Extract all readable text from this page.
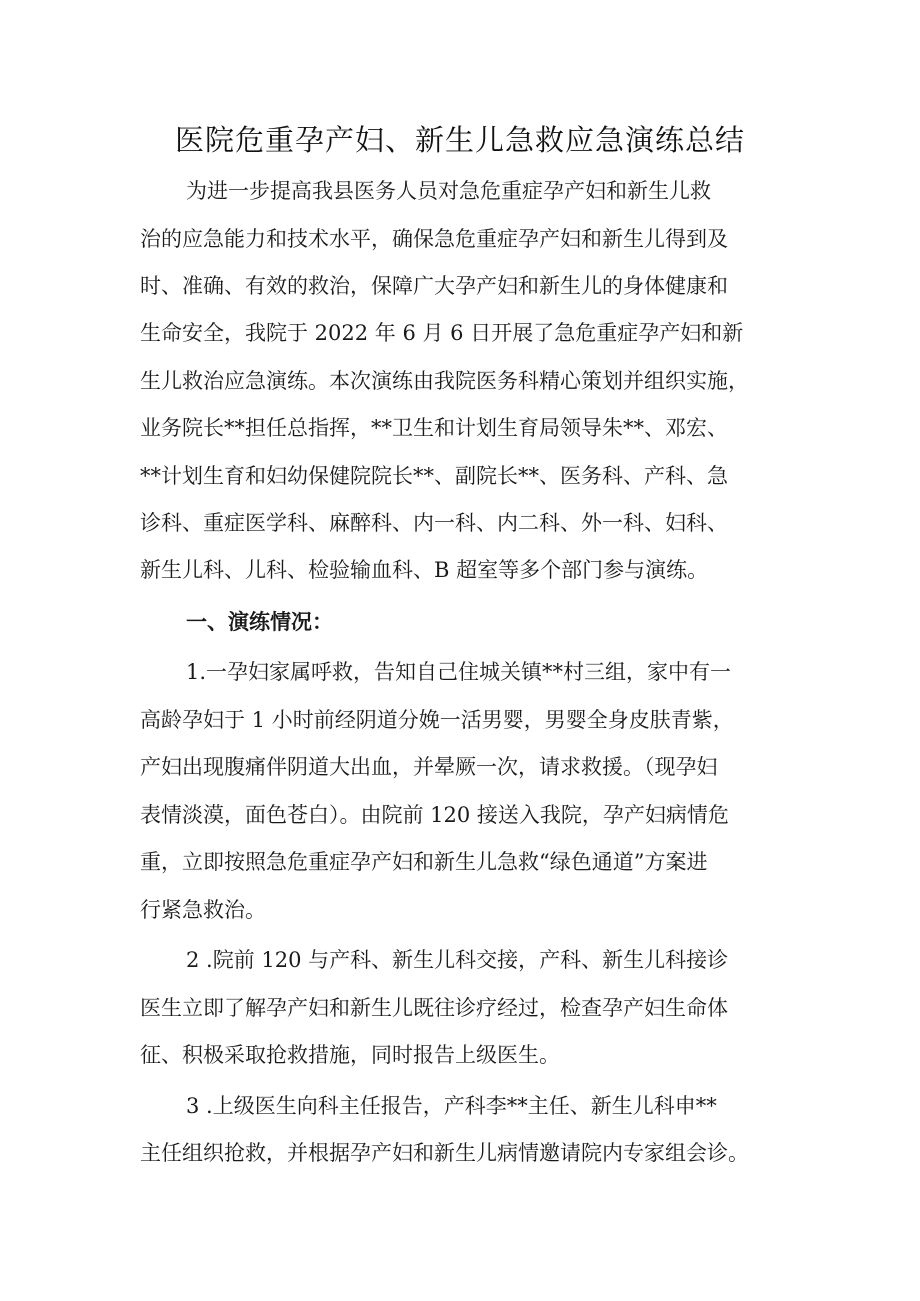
医院危重孕产妇、新生儿急救应急演练总结
为进一步提高我县医务人员对急危重症孕产妇和新生儿救
治的应急能力和技术水平，确保急危重症孕产妇和新生儿得到及
时、准确、有效的救治，保障广大孕产妇和新生儿的身体健康和
生命安全，我院于 2022 年 6 月 6 日开展了急危重症孕产妇和新
生儿救治应急演练。本次演练由我院医务科精心策划并组织实施，
业务院长**担任总指挥，**卫生和计划生育局领导朱**、邓宏、
**计划生育和妇幼保健院院长**、副院长**、医务科、产科、急
诊科、重症医学科、麻醉科、内一科、内二科、外一科、妇科、
新生儿科、儿科、检验输血科、B 超室等多个部门参与演练。
一、演练情况：
1.一孕妇家属呼救，告知自己住城关镇**村三组，家中有一
高龄孕妇于 1 小时前经阴道分娩一活男婴，男婴全身皮肤青紫，
产妇出现腹痛伴阴道大出血，并晕厥一次，请求救援。（现孕妇
表情淡漠，面色苍白）。由院前 120 接送入我院，孕产妇病情危
重，立即按照急危重症孕产妇和新生儿急救“绿色通道”方案进
行紧急救治。
2 .院前 120 与产科、新生儿科交接，产科、新生儿科接诊
医生立即了解孕产妇和新生儿既往诊疗经过，检查孕产妇生命体
征、积极采取抢救措施，同时报告上级医生。
3 .上级医生向科主任报告，产科李**主任、新生儿科申**
主任组织抢救，并根据孕产妇和新生儿病情邀请院内专家组会诊。
